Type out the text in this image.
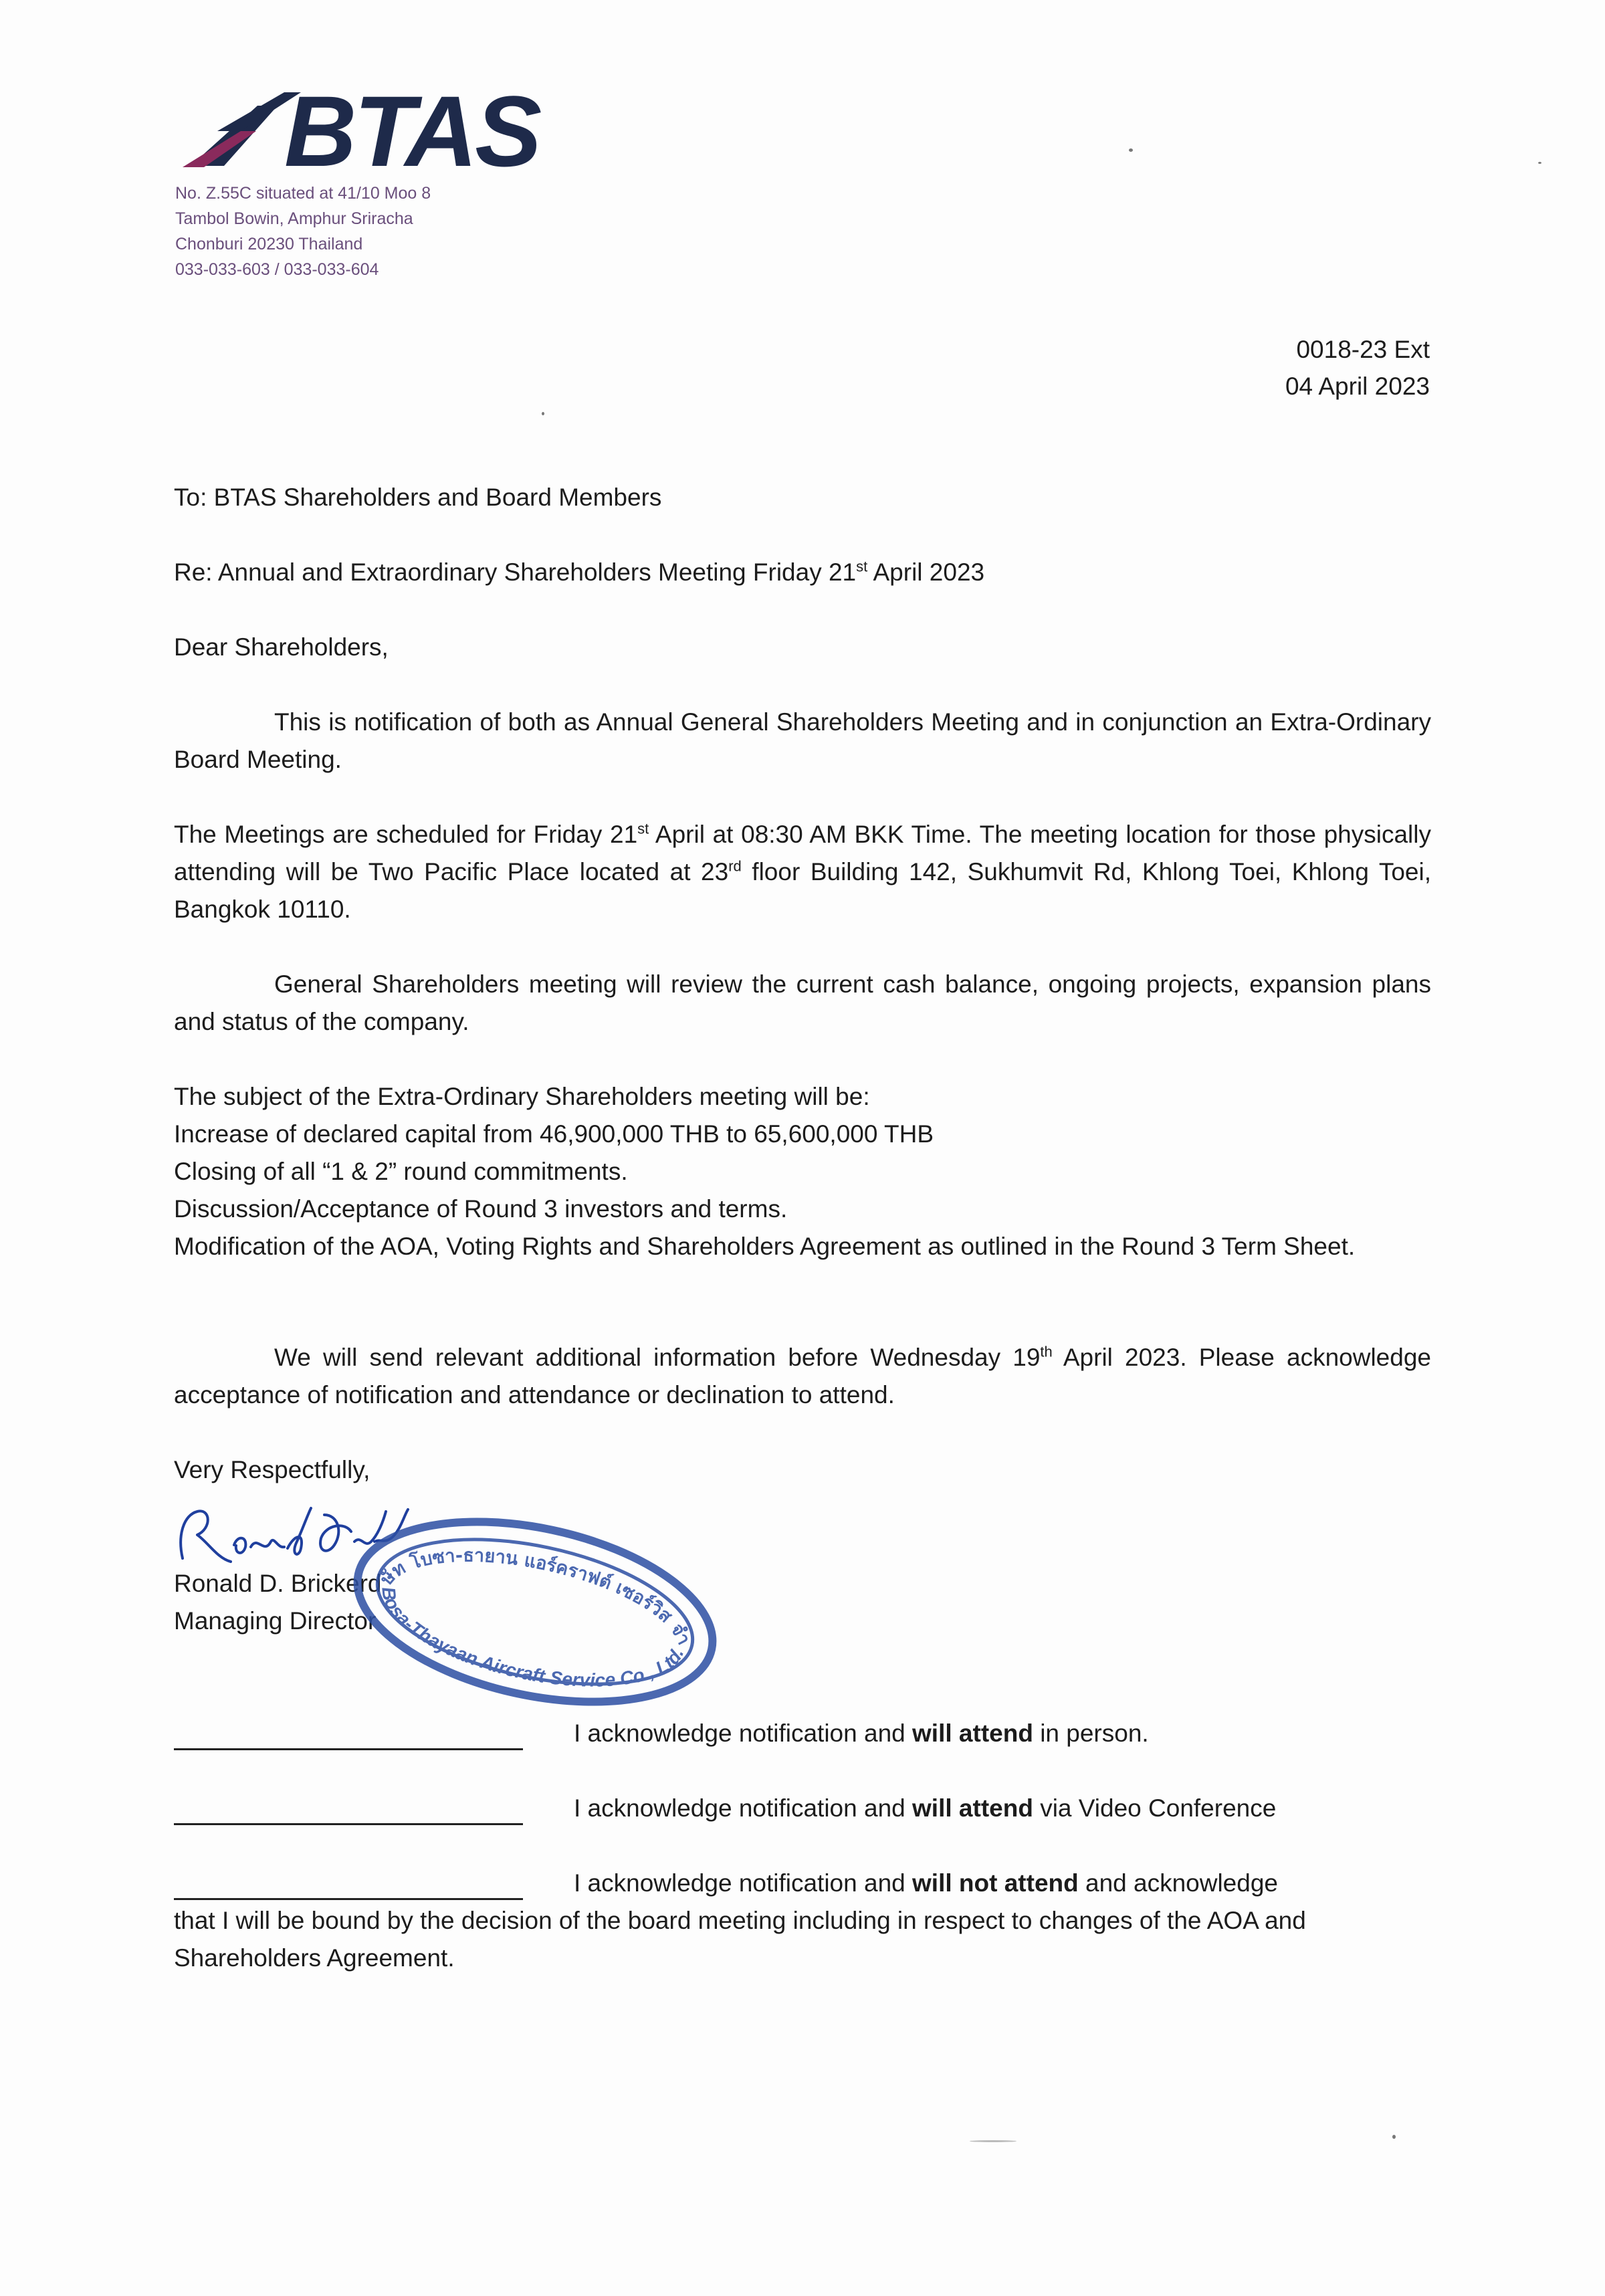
BTAS
No. Z.55C situated at 41/10 Moo 8
Tambol Bowin, Amphur Sriracha
Chonburi 20230 Thailand
033-033-603 / 033-033-604
0018-23 Ext
04 April 2023
To: BTAS Shareholders and Board Members
Re: Annual and Extraordinary Shareholders Meeting Friday 21st April 2023
Dear Shareholders,
This is notification of both as Annual General Shareholders Meeting and in conjunction an Extra-Ordinary Board Meeting.
The Meetings are scheduled for Friday 21st April at 08:30 AM BKK Time. The meeting location for those physically attending will be Two Pacific Place located at 23rd floor Building 142, Sukhumvit Rd, Khlong Toei, Khlong Toei, Bangkok 10110.
General Shareholders meeting will review the current cash balance, ongoing projects, expansion plans and status of the company.
The subject of the Extra-Ordinary Shareholders meeting will be:
Increase of declared capital from 46,900,000 THB to 65,600,000 THB
Closing of all “1 & 2” round commitments.
Discussion/Acceptance of Round 3 investors and terms.
Modification of the AOA, Voting Rights and Shareholders Agreement as outlined in the Round 3 Term Sheet.
We will send relevant additional information before Wednesday 19th April 2023. Please acknowledge acceptance of notification and attendance or declination to attend.
Very Respectfully,
Ronald D. Brickerd
Managing Director
บริษัท โบซา-ธายาน แอร์คราฟต์ เซอร์วิส จำกัด
Bosa-Thayaan Aircraft Service Co., Ltd.
I acknowledge notification and will attend in person.
I acknowledge notification and will attend via Video Conference
I acknowledge notification and will not attend and acknowledge
that I will be bound by the decision of the board meeting including in respect to changes of the AOA and Shareholders Agreement.
